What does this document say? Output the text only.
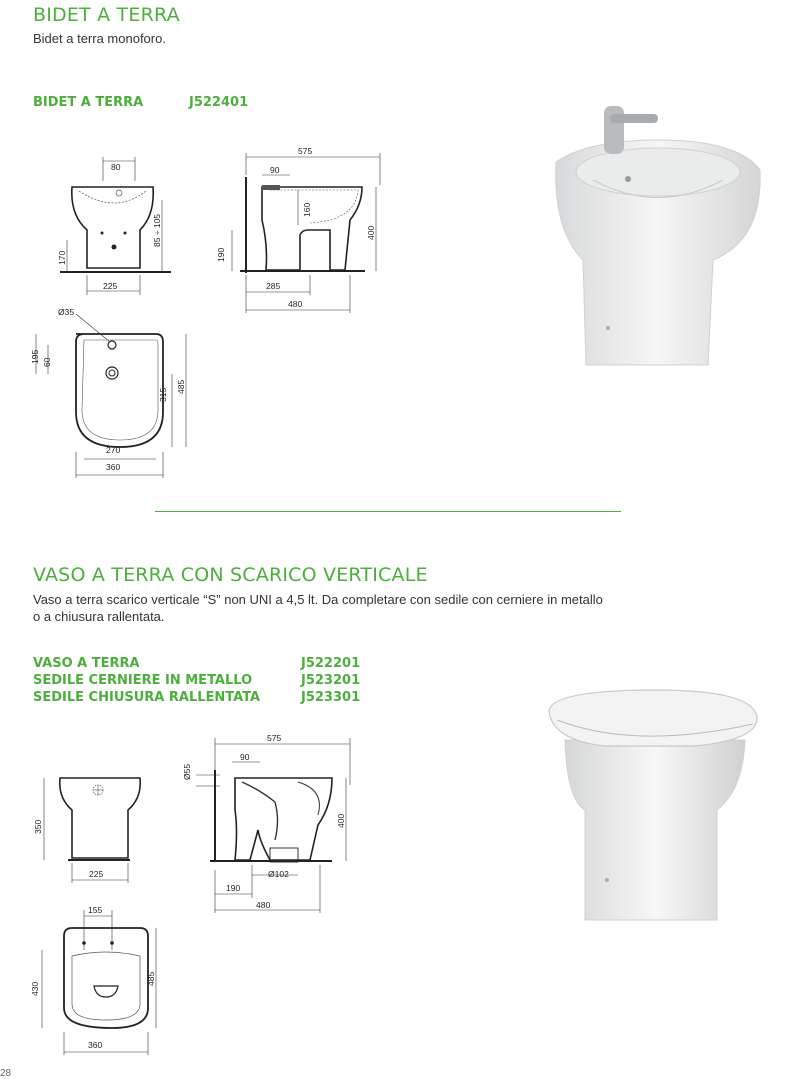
BIDET A TERRA
Bidet a terra monoforo.
BIDET A TERRA	J522401
80
170
85 ÷ 105
225
575
90
160
400
190
285
480
Ø35
195 60
315
485
270
360
VASO A TERRA CON SCARICO VERTICALE
Vaso a terra scarico verticale “S” non UNI a 4,5 lt. Da completare con sedile con cerniere in metallo
o a chiusura rallentata.
VASO A TERRA	J522201
SEDILE CERNIERE IN METALLO	J523201
SEDILE CHIUSURA RALLENTATA	J523301
350
225
575
Ø55
90
400
Ø102
190
480
155
430
485
360
28
